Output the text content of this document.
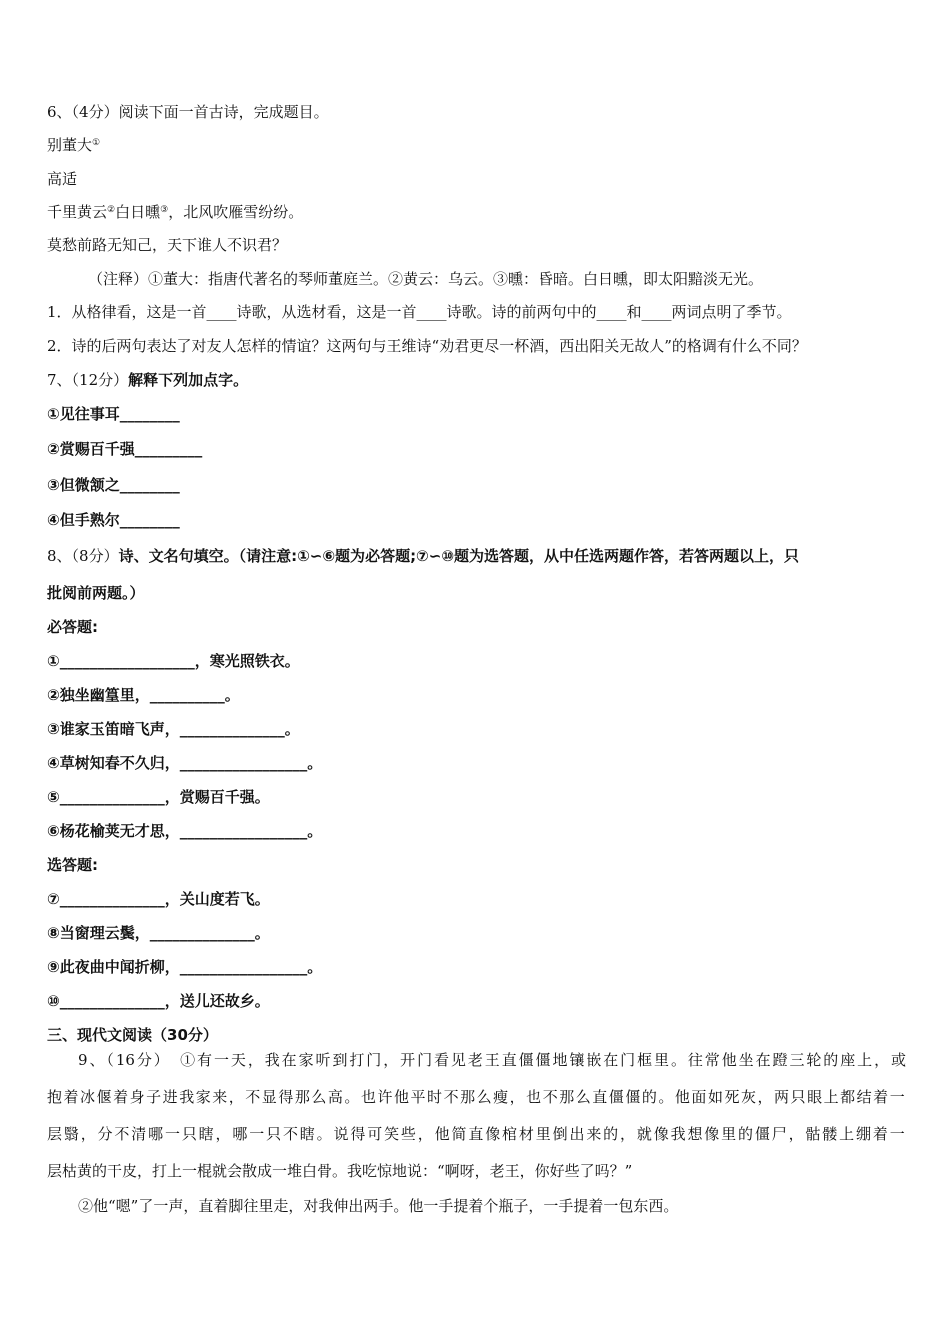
6、（4分）阅读下面一首古诗，完成题目。
别董大①
高适
千里黄云②白日曛③，北风吹雁雪纷纷。
莫愁前路无知己，天下谁人不识君？
（注释）①董大：指唐代著名的琴师董庭兰。②黄云：乌云。③曛：昏暗。白日曛，即太阳黯淡无光。
1．从格律看，这是一首____诗歌，从选材看，这是一首____诗歌。诗的前两句中的____和____两词点明了季节。
2．诗的后两句表达了对友人怎样的情谊？这两句与王维诗“劝君更尽一杯酒，西出阳关无故人”的格调有什么不同？
7、（12分）解释下列加点字。
①见往事耳________
②赏赐百千强_________
③但微颔之________
④但手熟尔________
8、（8分）诗、文名句填空。（请注意:①∽⑥题为必答题;⑦∽⑩题为选答题，从中任选两题作答，若答两题以上，只
批阅前两题。）
必答题:
①__________________，寒光照铁衣。
②独坐幽篁里，__________。
③谁家玉笛暗飞声，______________。
④草树知春不久归，_________________。
⑤______________，赏赐百千强。
⑥杨花榆荚无才思，_________________。
选答题:
⑦______________，关山度若飞。
⑧当窗理云鬓，______________。
⑨此夜曲中闻折柳，_________________。
⑩______________，送儿还故乡。
三、现代文阅读（30分）
9、（16分）　①有一天，我在家听到打门，开门看见老王直僵僵地镶嵌在门框里。往常他坐在蹬三轮的座上，或
抱着冰偃着身子进我家来，不显得那么高。也许他平时不那么瘦，也不那么直僵僵的。他面如死灰，两只眼上都结着一
层翳，分不清哪一只瞎，哪一只不瞎。说得可笑些，他简直像棺材里倒出来的，就像我想像里的僵尸，骷髅上绷着一
层枯黄的干皮，打上一棍就会散成一堆白骨。我吃惊地说：“啊呀，老王，你好些了吗？”
②他“嗯”了一声，直着脚往里走，对我伸出两手。他一手提着个瓶子，一手提着一包东西。
